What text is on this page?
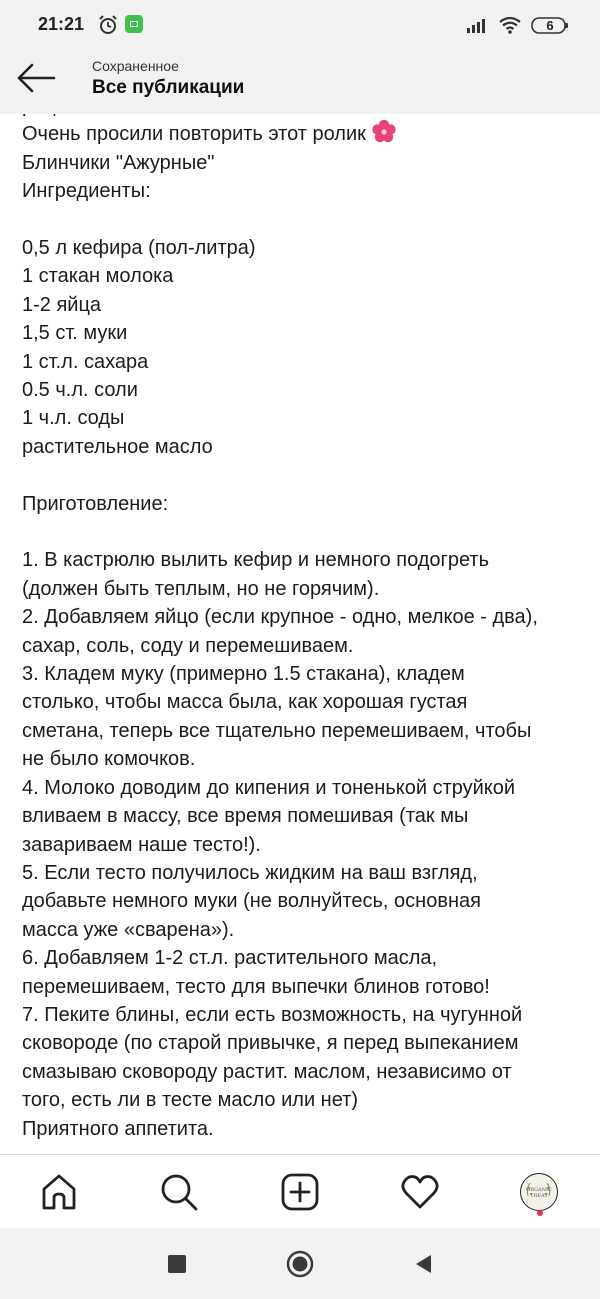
21:21	6
Сохраненное
Все публикации
Очень просили повторить этот ролик
Блинчики "Ажурные"
Ингредиенты:
0,5 л кефира (пол-литра)
1 стакан молока
1-2 яйца
1,5 ст. муки
1 ст.л. сахара
0.5 ч.л. соли
1 ч.л. соды
растительное масло
Приготовление:
1. В кастрюлю вылить кефир и немного подогреть
(должен быть теплым, но не горячим).
2. Добавляем яйцо (если крупное - одно, мелкое - два),
сахар, соль, соду и перемешиваем.
3. Кладем муку (примерно 1.5 стакана), кладем
столько, чтобы масса была, как хорошая густая
сметана, теперь все тщательно перемешиваем, чтобы
не было комочков.
4. Молоко доводим до кипения и тоненькой струйкой
вливаем в массу, все время помешивая (так мы
завариваем наше тесто!).
5. Если тесто получилось жидким на ваш взгляд,
добавьте немного муки (не волнуйтесь, основная
масса уже «сварена»).
6. Добавляем 1-2 ст.л. растительного масла,
перемешиваем, тесто для выпечки блинов готово!
7. Пеките блины, если есть возможность, на чугунной
сковороде (по старой привычке, я перед выпеканием
смазываю сковороду растит. маслом, независимо от
того, есть ли в тесте масло или нет)
Приятного аппетита.
ORGANIC
TREAT
